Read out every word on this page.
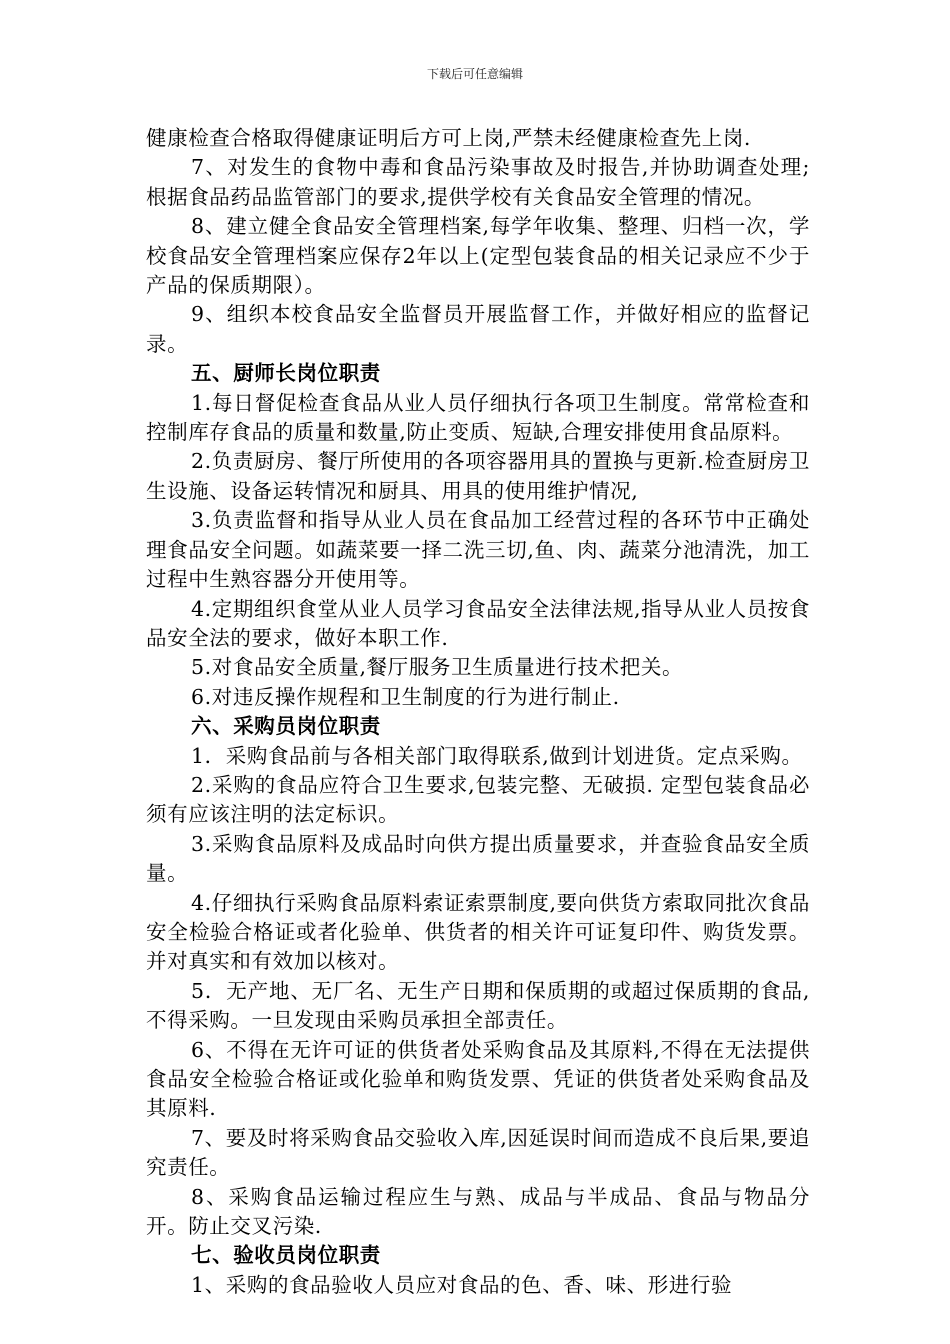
下载后可任意编辑

健康检查合格取得健康证明后方可上岗,严禁未经健康检查先上岗.

7、对发生的食物中毒和食品污染事故及时报告,并协助调查处理; 根据食品药品监管部门的要求,提供学校有关食品安全管理的情况。

8、建立健全食品安全管理档案,每学年收集、整理、归档一次，学校食品安全管理档案应保存2年以上(定型包装食品的相关记录应不少于产品的保质期限）。

9、组织本校食品安全监督员开展监督工作，并做好相应的监督记录。

五、厨师长岗位职责

1.每日督促检查食品从业人员仔细执行各项卫生制度。常常检查和控制库存食品的质量和数量,防止变质、短缺,合理安排使用食品原料。

2.负责厨房、餐厅所使用的各项容器用具的置换与更新.检查厨房卫生设施、设备运转情况和厨具、用具的使用维护情况,

3.负责监督和指导从业人员在食品加工经营过程的各环节中正确处理食品安全问题。如蔬菜要一择二洗三切,鱼、肉、蔬菜分池清洗，加工过程中生熟容器分开使用等。

4.定期组织食堂从业人员学习食品安全法律法规,指导从业人员按食品安全法的要求，做好本职工作.

5.对食品安全质量,餐厅服务卫生质量进行技术把关。

6.对违反操作规程和卫生制度的行为进行制止.

六、采购员岗位职责

1．采购食品前与各相关部门取得联系,做到计划进货。定点采购。

2.采购的食品应符合卫生要求,包装完整、无破损. 定型包装食品必须有应该注明的法定标识。

3.采购食品原料及成品时向供方提出质量要求，并查验食品安全质量。

4.仔细执行采购食品原料索证索票制度,要向供货方索取同批次食品安全检验合格证或者化验单、供货者的相关许可证复印件、购货发票。并对真实和有效加以核对。

5．无产地、无厂名、无生产日期和保质期的或超过保质期的食品,不得采购。一旦发现由采购员承担全部责任。

6、不得在无许可证的供货者处采购食品及其原料,不得在无法提供食品安全检验合格证或化验单和购货发票、凭证的供货者处采购食品及其原料.

7、要及时将采购食品交验收入库,因延误时间而造成不良后果,要追究责任。

8、采购食品运输过程应生与熟、成品与半成品、食品与物品分开。防止交叉污染.

七、验收员岗位职责

1、采购的食品验收人员应对食品的色、香、味、形进行验
